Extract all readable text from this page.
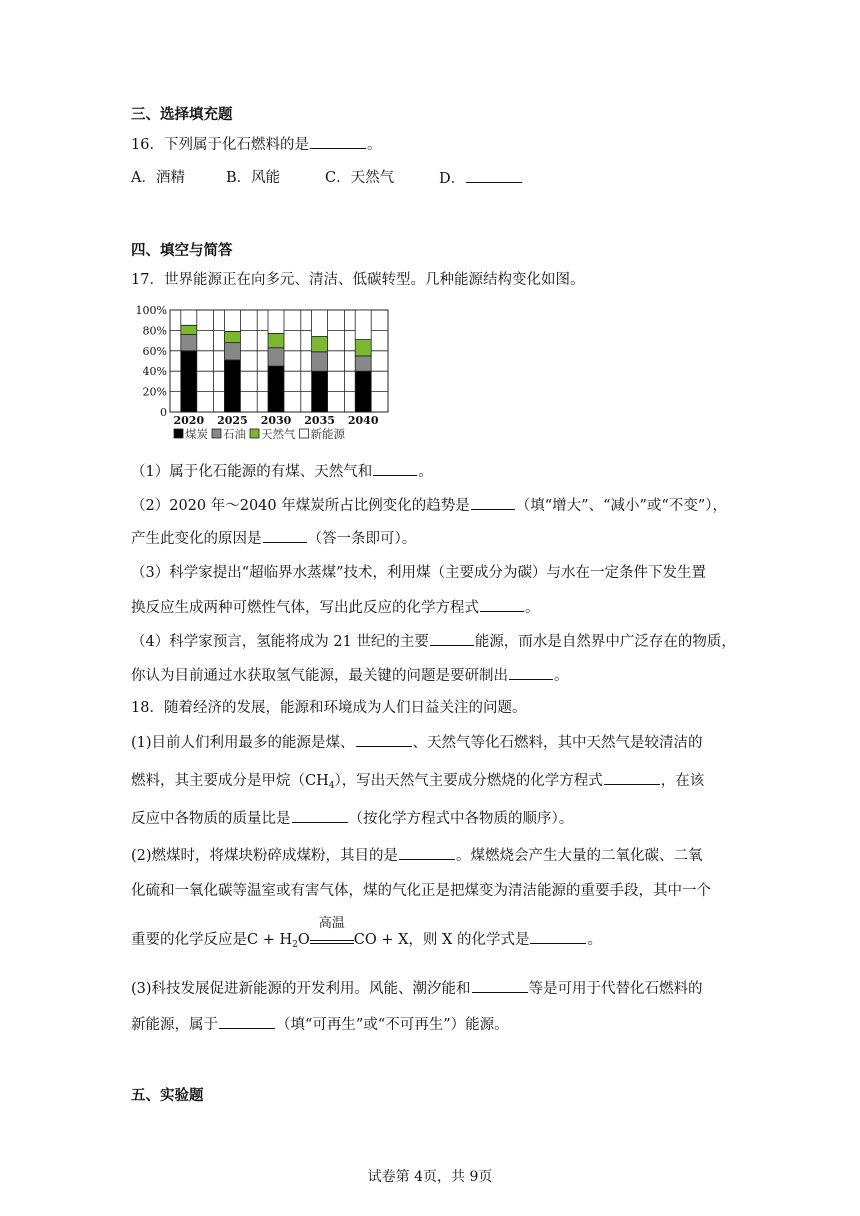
三、选择填充题
16．下列属于化石燃料的是	。
A．酒精	B．风能	C．天然气	D．
四、填空与简答
17．世界能源正在向多元、清洁、低碳转型。几种能源结构变化如图。
0
20%
40%
60%
80%
100%
2020 2025 2030 2035 2040
煤炭 石油 天然气 新能源
（1）属于化石能源的有煤、天然气和	。
（2）2020 年～2040 年煤炭所占比例变化的趋势是	（填“增大”、“减小”或“不变”），
产生此变化的原因是	（答一条即可）。
（3）科学家提出“超临界水蒸煤”技术，利用煤（主要成分为碳）与水在一定条件下发生置
换反应生成两种可燃性气体，写出此反应的化学方程式	。
（4）科学家预言，氢能将成为 21 世纪的主要	能源，而水是自然界中广泛存在的物质，
你认为目前通过水获取氢气能源，最关键的问题是要研制出	。
18．随着经济的发展，能源和环境成为人们日益关注的问题。
(1)目前人们利用最多的能源是煤、	、天然气等化石燃料，其中天然气是较清洁的
燃料，其主要成分是甲烷$(CH_4)$，写出天然气主要成分燃烧的化学方程式	，在该
反应中各物质的质量比是	（按化学方程式中各物质的顺序）。
(2)燃煤时，将煤块粉碎成煤粉，其目的是	。煤燃烧会产生大量的二氧化碳、二氧
化硫和一氧化碳等温室或有害气体，煤的气化正是把煤变为清洁能源的重要手段，其中一个
重要的化学反应是$C + H_2O$
高温
CO + X，则 X 的化学式是	。
(3)科技发展促进新能源的开发利用。风能、潮汐能和	等是可用于代替化石燃料的
新能源，属于	（填“可再生”或“不可再生”）能源。
五、实验题
试卷第 4页，共 9页
